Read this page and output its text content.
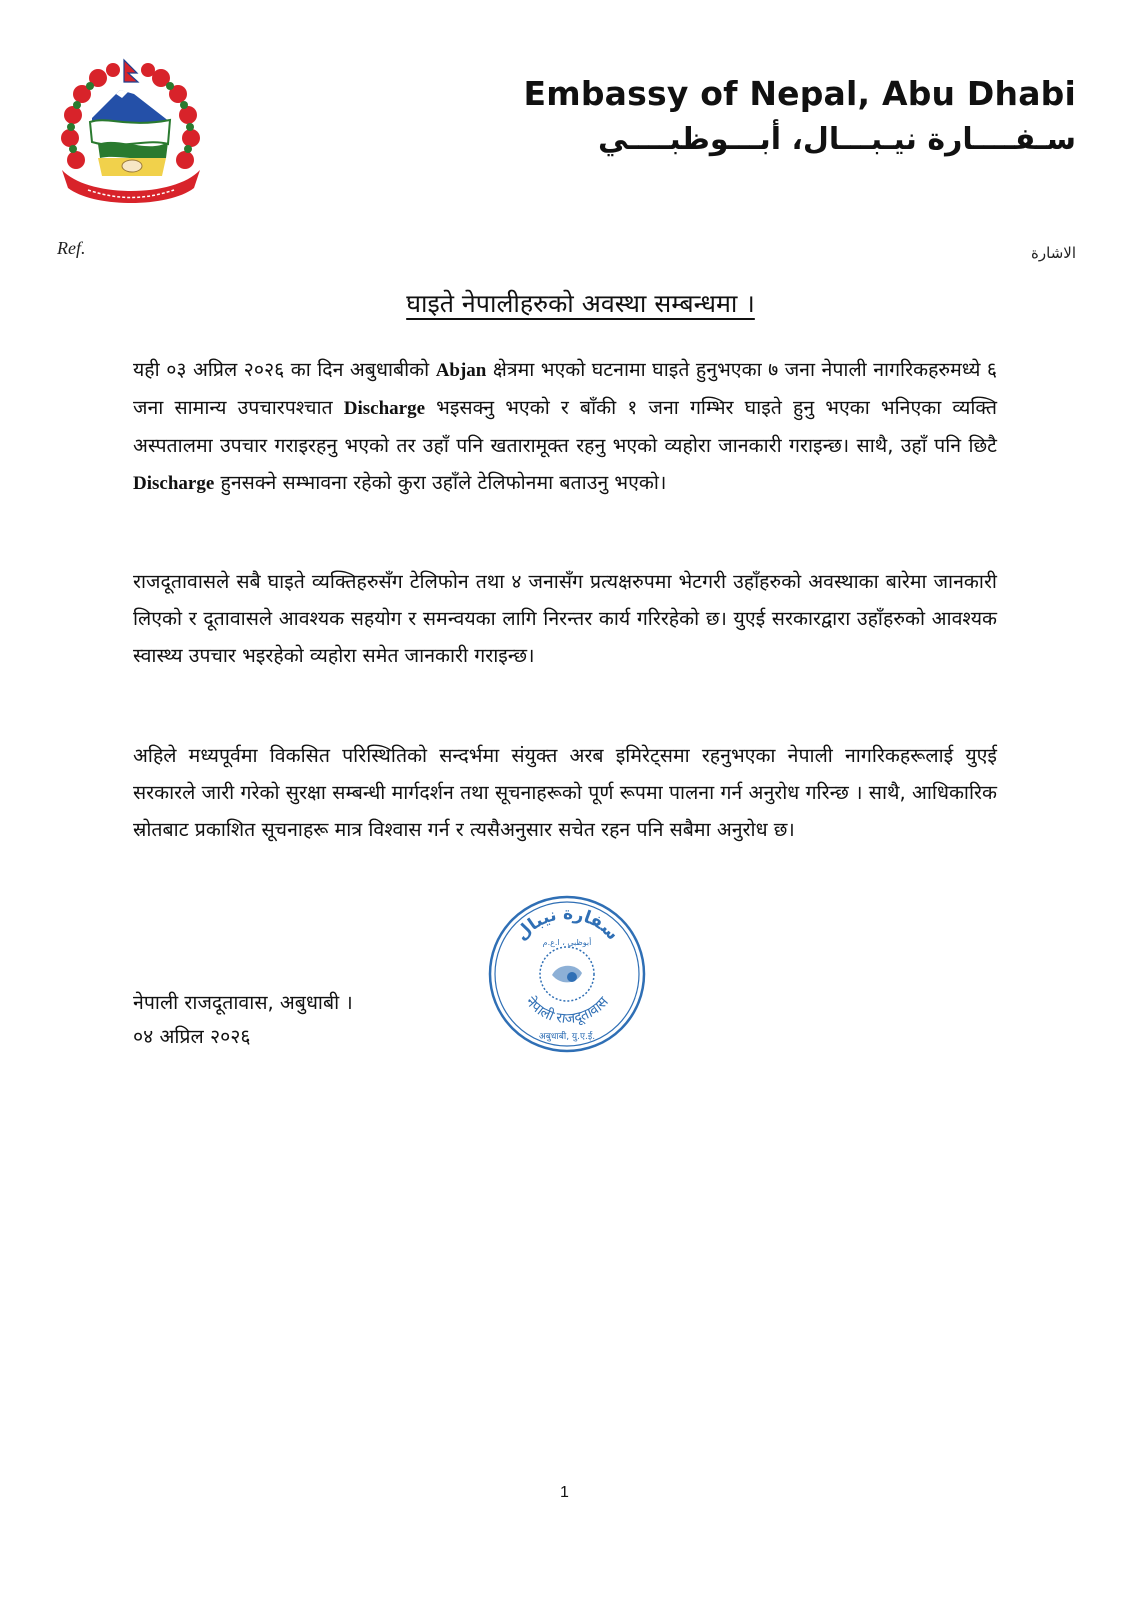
Embassy of Nepal, Abu Dhabi
سـفــــارة نيـبـــال، أبـــوظبــــي
Ref.	الاشارة
घाइते नेपालीहरुको अवस्था सम्बन्धमा ।
यही ०३ अप्रिल २०२६ का दिन अबुधाबीको Abjan क्षेत्रमा भएको घटनामा घाइते हुनुभएका ७ जना नेपाली नागरिकहरुमध्ये ६ जना सामान्य उपचारपश्चात Discharge भइसक्नु भएको र बाँकी १ जना गम्भिर घाइते हुनु भएका भनिएका व्यक्ति अस्पतालमा उपचार गराइरहनु भएको तर उहाँ पनि खतारामूक्त रहनु भएको व्यहोरा जानकारी गराइन्छ। साथै, उहाँ पनि छिटै Discharge हुनसक्ने सम्भावना रहेको कुरा उहाँले टेलिफोनमा बताउनु भएको।
राजदूतावासले सबै घाइते व्यक्तिहरुसँग टेलिफोन तथा ४ जनासँग प्रत्यक्षरुपमा भेटगरी उहाँहरुको अवस्थाका बारेमा जानकारी लिएको र दूतावासले आवश्यक सहयोग र समन्वयका लागि निरन्तर कार्य गरिरहेको छ। युएई सरकारद्वारा उहाँहरुको आवश्यक स्वास्थ्य उपचार भइरहेको व्यहोरा समेत जानकारी गराइन्छ।
अहिले मध्यपूर्वमा विकसित परिस्थितिको सन्दर्भमा संयुक्त अरब इमिरेट्समा रहनुभएका नेपाली नागरिकहरूलाई युएई सरकारले जारी गरेको सुरक्षा सम्बन्धी मार्गदर्शन तथा सूचनाहरूको पूर्ण रूपमा पालना गर्न अनुरोध गरिन्छ । साथै, आधिकारिक स्रोतबाट प्रकाशित सूचनाहरू मात्र विश्वास गर्न र त्यसैअनुसार सचेत रहन पनि सबैमा अनुरोध छ।
नेपाली राजदूतावास, अबुधाबी ।
०४ अप्रिल २०२६
سفارة نيبال
أبوظبي ، ا.ع.م
नेपाली राजदूतावास
अबुधाबी, यु.ए.ई.
1
